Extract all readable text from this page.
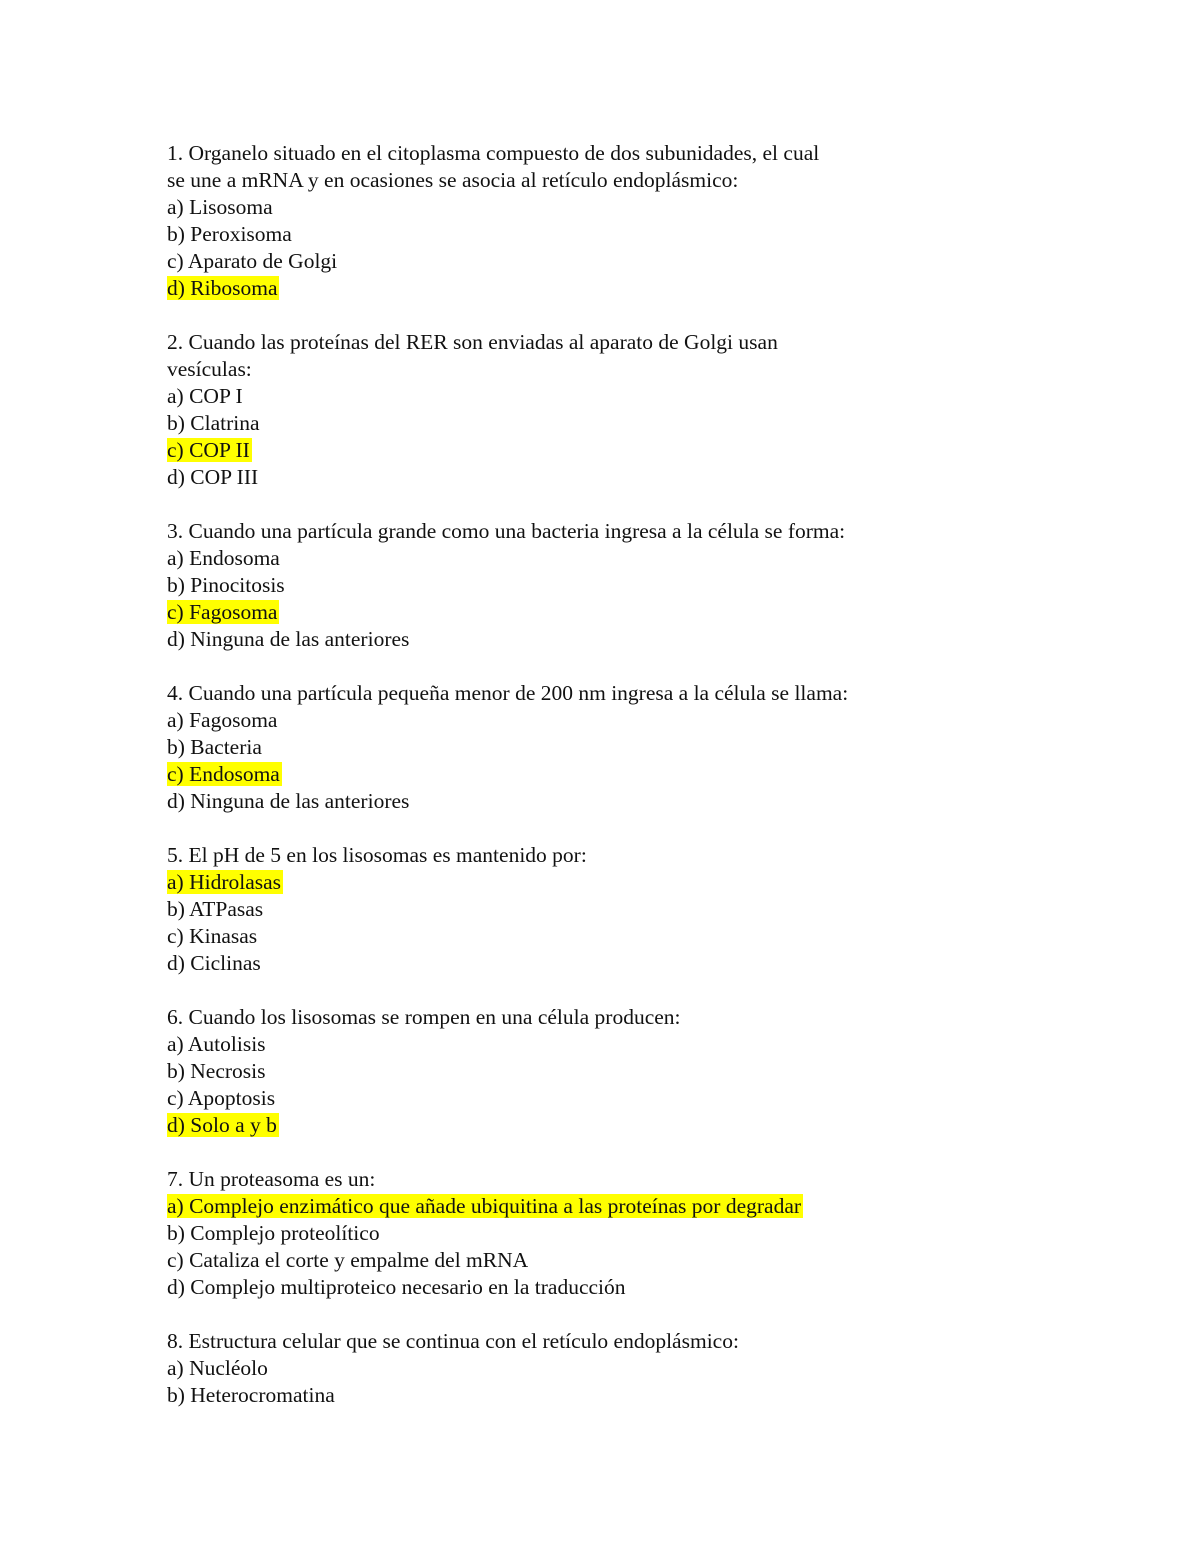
1. Organelo situado en el citoplasma compuesto de dos subunidades, el cual
se une a mRNA y en ocasiones se asocia al retículo endoplásmico:
a) Lisosoma
b) Peroxisoma
c) Aparato de Golgi
d) Ribosoma
2. Cuando las proteínas del RER son enviadas al aparato de Golgi usan
vesículas:
a) COP I
b) Clatrina
c) COP II
d) COP III
3. Cuando una partícula grande como una bacteria ingresa a la célula se forma:
a) Endosoma
b) Pinocitosis
c) Fagosoma
d) Ninguna de las anteriores
4. Cuando una partícula pequeña menor de 200 nm ingresa a la célula se llama:
a) Fagosoma
b) Bacteria
c) Endosoma
d) Ninguna de las anteriores
5. El pH de 5 en los lisosomas es mantenido por:
a) Hidrolasas
b) ATPasas
c) Kinasas
d) Ciclinas
6. Cuando los lisosomas se rompen en una célula producen:
a) Autolisis
b) Necrosis
c) Apoptosis
d) Solo a y b
7. Un proteasoma es un:
a) Complejo enzimático que añade ubiquitina a las proteínas por degradar
b) Complejo proteolítico
c) Cataliza el corte y empalme del mRNA
d) Complejo multiproteico necesario en la traducción
8. Estructura celular que se continua con el retículo endoplásmico:
a) Nucléolo
b) Heterocromatina
